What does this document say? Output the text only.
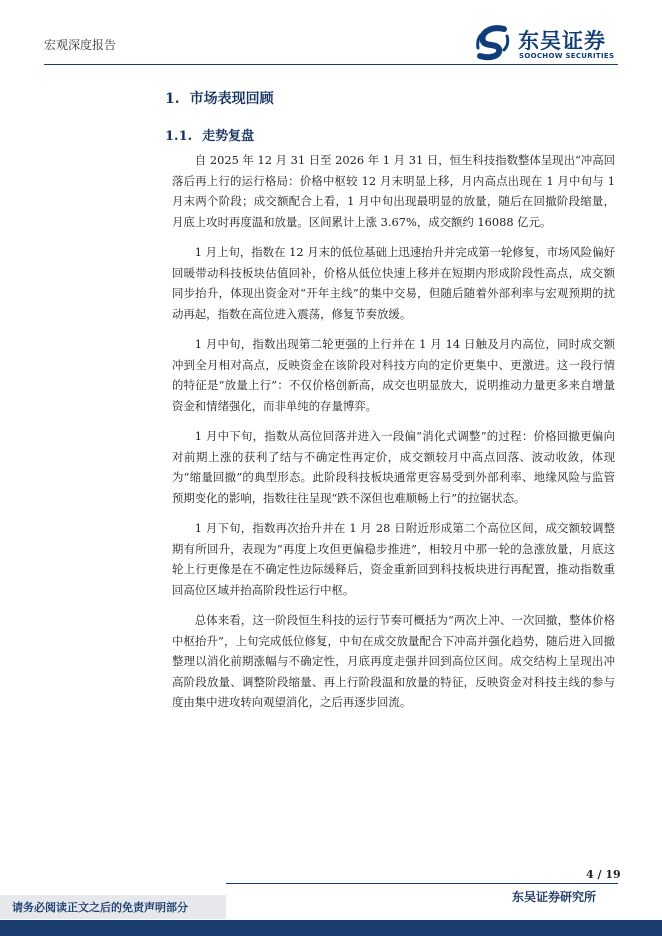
宏观深度报告	东吴证券
SOOCHOW SECURITIES
1. 市场表现回顾
1.1. 走势复盘

自 2025 年 12 月 31 日至 2026 年 1 月 31 日，恒生科技指数整体呈现出“冲高回落后再上行的运行格局：价格中枢较 12 月末明显上移，月内高点出现在 1 月中旬与 1 月末两个阶段；成交额配合上看，1 月中旬出现最明显的放量，随后在回撤阶段缩量，月底上攻时再度温和放量。区间累计上涨 3.67%，成交额约 16088 亿元。

1 月上旬，指数在 12 月末的低位基础上迅速抬升并完成第一轮修复，市场风险偏好回暖带动科技板块估值回补，价格从低位快速上移并在短期内形成阶段性高点，成交额同步抬升，体现出资金对“开年主线”的集中交易，但随后随着外部利率与宏观预期的扰动再起，指数在高位进入震荡，修复节奏放缓。

1 月中旬，指数出现第二轮更强的上行并在 1 月 14 日触及月内高位，同时成交额冲到全月相对高点，反映资金在该阶段对科技方向的定价更集中、更激进。这一段行情的特征是“放量上行”：不仅价格创新高，成交也明显放大，说明推动力量更多来自增量资金和情绪强化，而非单纯的存量博弈。

1 月中下旬，指数从高位回落并进入一段偏“消化式调整”的过程：价格回撤更偏向对前期上涨的获利了结与不确定性再定价，成交额较月中高点回落、波动收敛，体现为“缩量回撤”的典型形态。此阶段科技板块通常更容易受到外部利率、地缘风险与监管预期变化的影响，指数往往呈现“跌不深但也难顺畅上行”的拉锯状态。

1 月下旬，指数再次抬升并在 1 月 28 日附近形成第二个高位区间，成交额较调整期有所回升，表现为“再度上攻但更偏稳步推进”，相较月中那一轮的急涨放量，月底这轮上行更像是在不确定性边际缓释后，资金重新回到科技板块进行再配置，推动指数重回高位区域并抬高阶段性运行中枢。

总体来看，这一阶段恒生科技的运行节奏可概括为“两次上冲、一次回撤，整体价格中枢抬升”，上旬完成低位修复，中旬在成交放量配合下冲高并强化趋势，随后进入回撤整理以消化前期涨幅与不确定性，月底再度走强并回到高位区间。成交结构上呈现出冲高阶段放量、调整阶段缩量、再上行阶段温和放量的特征，反映资金对科技主线的参与度由集中进攻转向观望消化，之后再逐步回流。

4 / 19
请务必阅读正文之后的免责声明部分
东吴证券研究所
